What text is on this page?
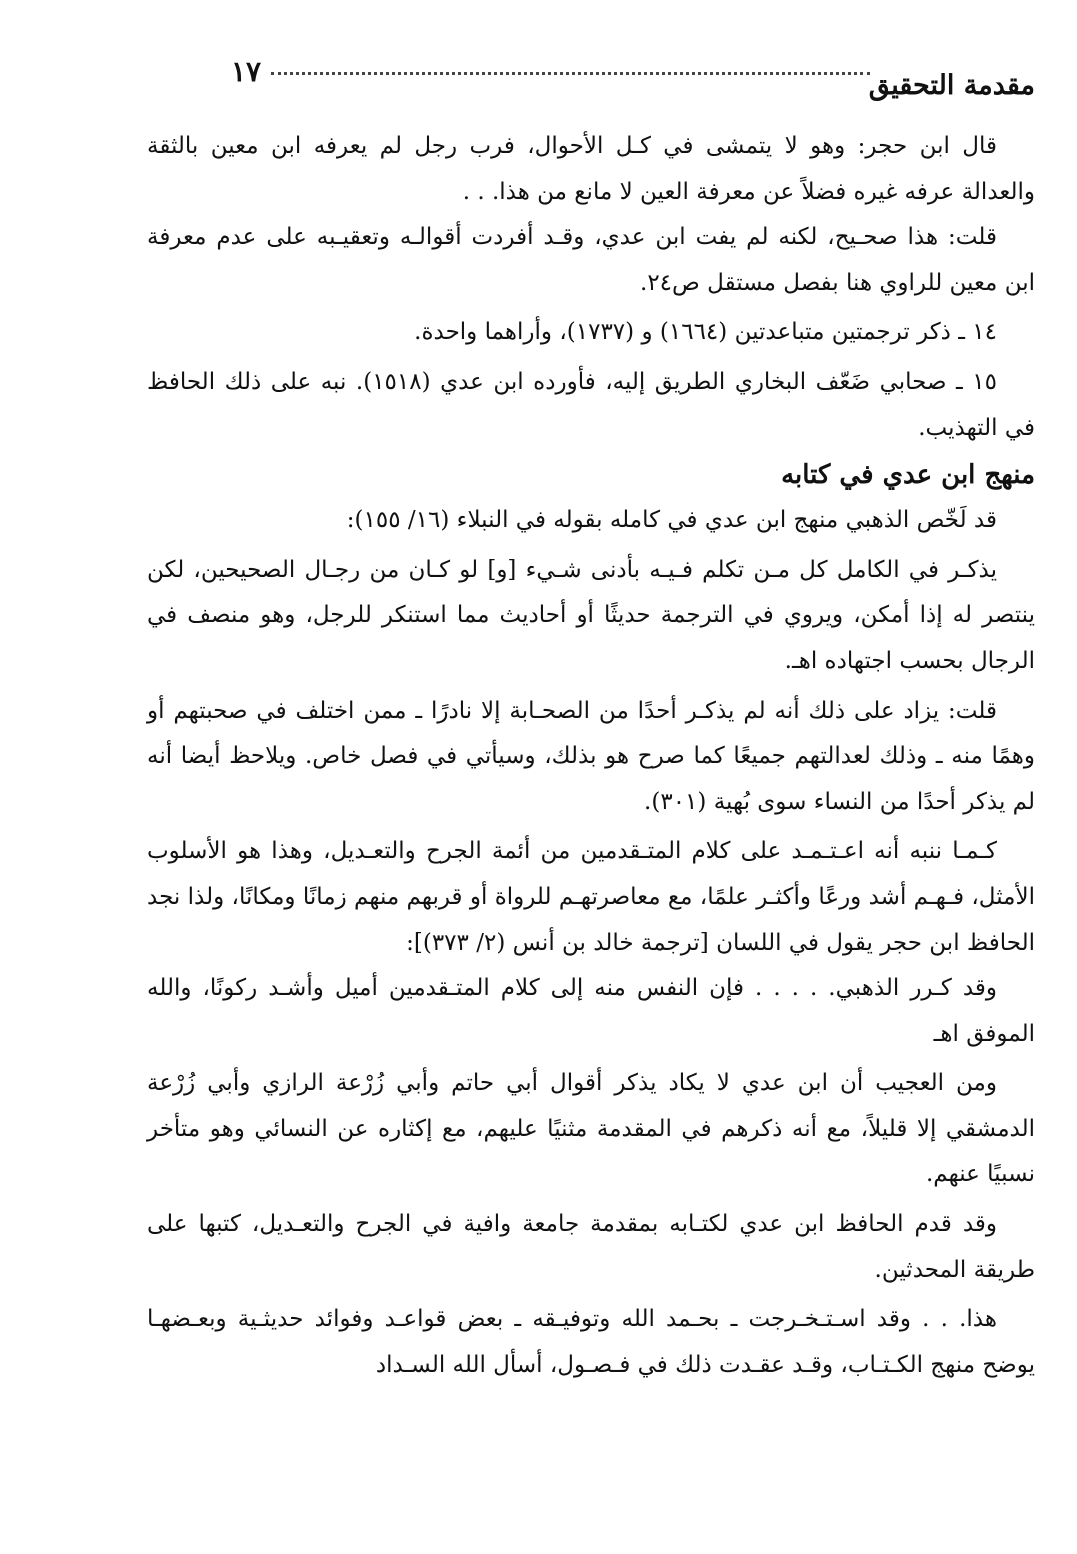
مقدمة التحقيق
١٧

قال ابن حجر: وهو لا يتمشى في كـل الأحوال، فرب رجل لم يعرفه ابن معين بالثقة والعدالة عرفه غيره فضلاً عن معرفة العين لا مانع من هذا. . .

قلت: هذا صحـيح، لكنه لم يفت ابن عدي، وقـد أفردت أقوالـه وتعقيـبه على عدم معرفة ابن معين للراوي هنا بفصل مستقل ص٢٤.

١٤ ـ ذكر ترجمتين متباعدتين (١٦٦٤) و (١٧٣٧)، وأراهما واحدة.

١٥ ـ صحابي ضَعّف البخاري الطريق إليه، فأورده ابن عدي (١٥١٨). نبه على ذلك الحافظ في التهذيب.

منهج ابن عدي في كتابه

قد لَخّص الذهبي منهج ابن عدي في كامله بقوله في النبلاء (١٦/ ١٥٥):

يذكـر في الكامل كل مـن تكلم فـيـه بأدنى شـيء [و] لو كـان من رجـال الصحيحين، لكن ينتصر له إذا أمكن، ويروي في الترجمة حديثًا أو أحاديث مما استنكر للرجل، وهو منصف في الرجال بحسب اجتهاده اهـ.

قلت: يزاد على ذلك أنه لم يذكـر أحدًا من الصحـابة إلا نادرًا ـ ممن اختلف في صحبتهم أو وهمًا منه ـ وذلك لعدالتهم جميعًا كما صرح هو بذلك، وسيأتي في فصل خاص. ويلاحظ أيضا أنه لم يذكر أحدًا من النساء سوى بُهية (٣٠١).

كـمـا ننبه أنه اعـتـمـد على كلام المتـقدمين من أئمة الجرح والتعـديل، وهذا هو الأسلوب الأمثل، فـهـم أشد ورعًا وأكثـر علمًا، مع معاصرتهـم للرواة أو قربهم منهم زمانًا ومكانًا، ولذا نجد الحافظ ابن حجر يقول في اللسان [ترجمة خالد بن أنس (٢/ ٣٧٣)]:

وقد كـرر الذهبي. . . . . فإن النفس منه إلى كلام المتـقدمين أميل وأشـد ركونًا، والله الموفق اهـ

ومن العجيب أن ابن عدي لا يكاد يذكر أقوال أبي حاتم وأبي زُرْعة الرازي وأبي زُرْعة الدمشقي إلا قليلاً، مع أنه ذكرهم في المقدمة مثنيًا عليهم، مع إكثاره عن النسائي وهو متأخر نسبيًا عنهم.

وقد قدم الحافظ ابن عدي لكتـابه بمقدمة جامعة وافية في الجرح والتعـديل، كتبها على طريقة المحدثين.

هذا. . . وقد اسـتـخـرجت ـ بحـمد الله وتوفيـقه ـ بعض قواعـد وفوائد حديثـية وبعـضهـا يوضح منهج الكـتـاب، وقـد عقـدت ذلك في فـصـول، أسأل الله السـداد
